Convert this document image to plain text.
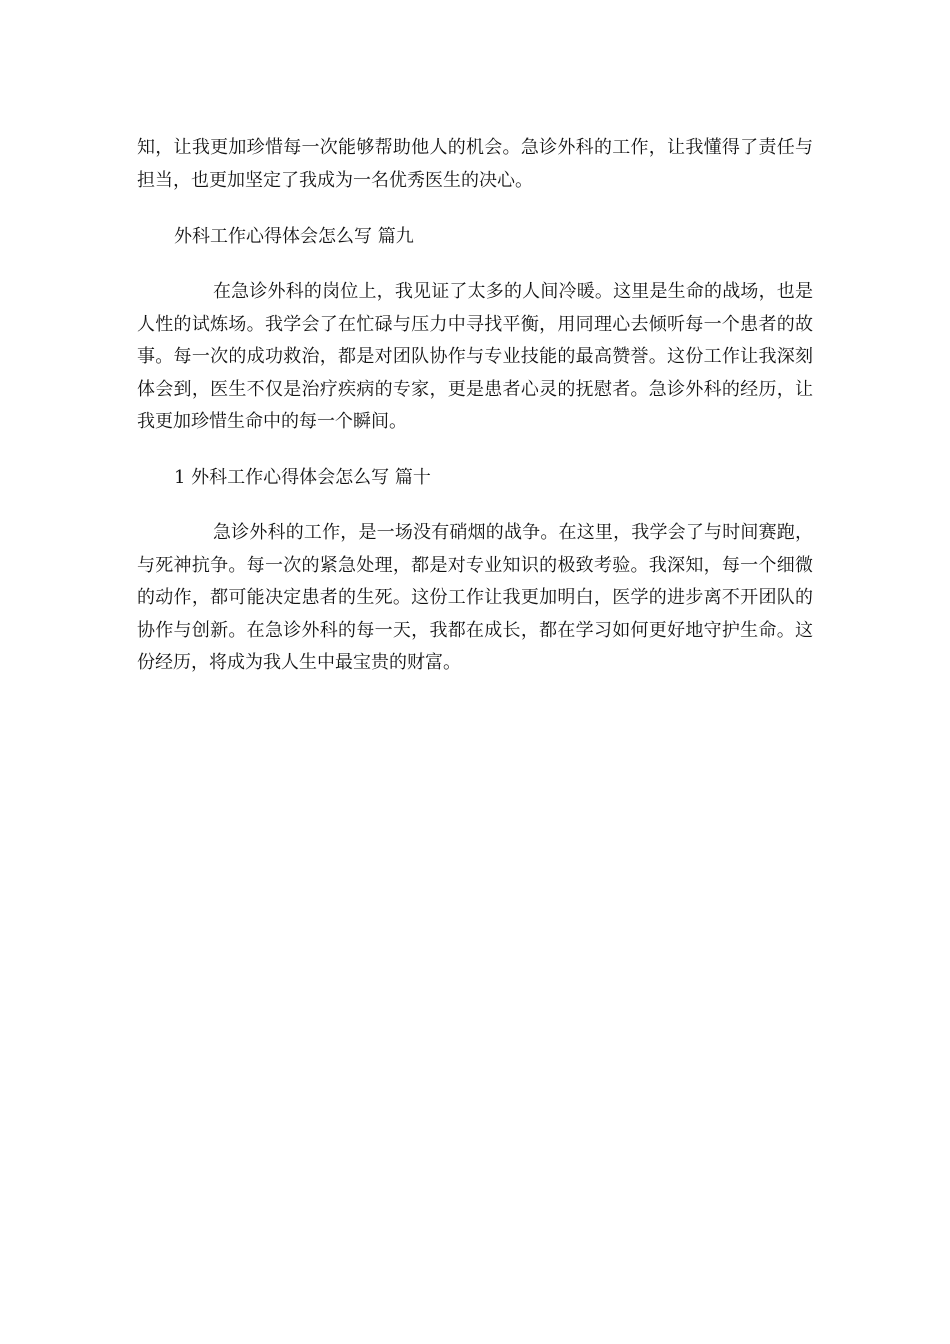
知，让我更加珍惜每一次能够帮助他人的机会。急诊外科的工作，让我懂得了责任与担当，也更加坚定了我成为一名优秀医生的决心。

外科工作心得体会怎么写 篇九

在急诊外科的岗位上，我见证了太多的人间冷暖。这里是生命的战场，也是人性的试炼场。我学会了在忙碌与压力中寻找平衡，用同理心去倾听每一个患者的故事。每一次的成功救治，都是对团队协作与专业技能的最高赞誉。这份工作让我深刻体会到，医生不仅是治疗疾病的专家，更是患者心灵的抚慰者。急诊外科的经历，让我更加珍惜生命中的每一个瞬间。

1 外科工作心得体会怎么写 篇十

急诊外科的工作，是一场没有硝烟的战争。在这里，我学会了与时间赛跑，与死神抗争。每一次的紧急处理，都是对专业知识的极致考验。我深知，每一个细微的动作，都可能决定患者的生死。这份工作让我更加明白，医学的进步离不开团队的协作与创新。在急诊外科的每一天，我都在成长，都在学习如何更好地守护生命。这份经历，将成为我人生中最宝贵的财富。
